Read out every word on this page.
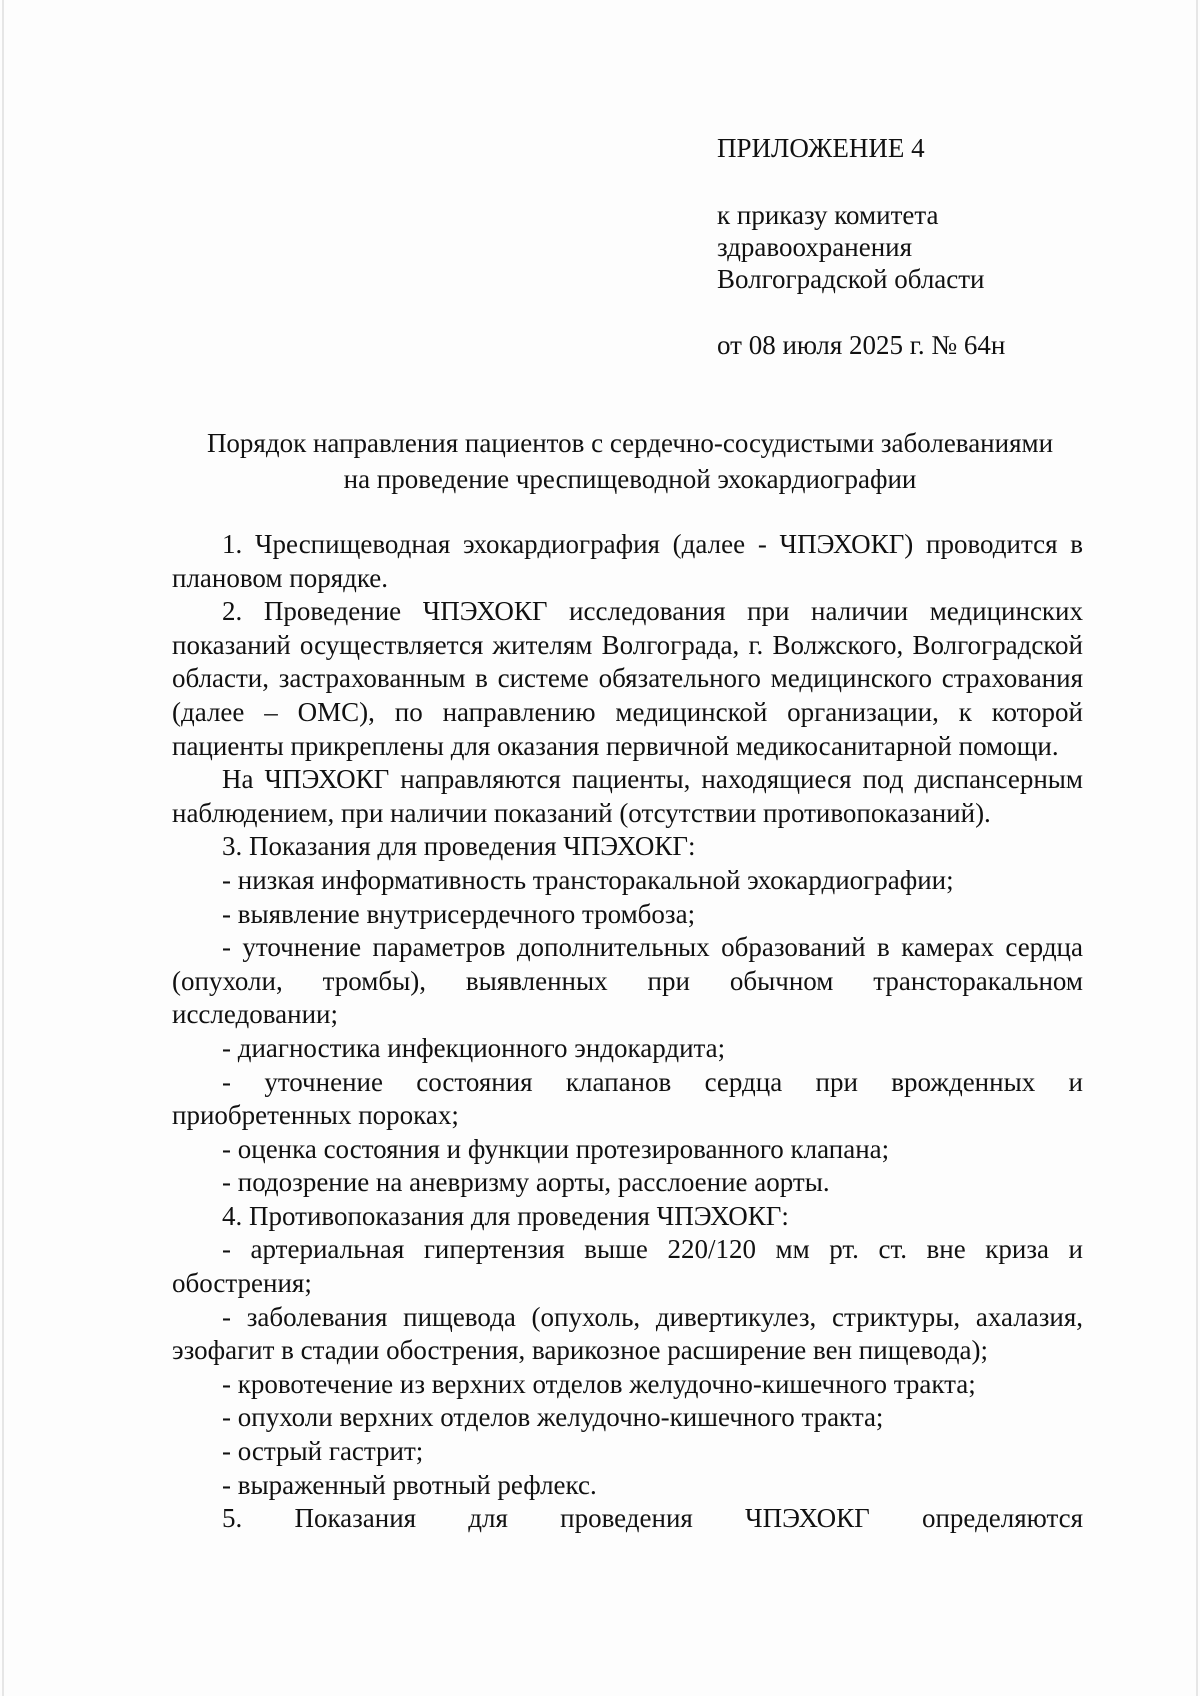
ПРИЛОЖЕНИЕ 4
к приказу комитета
здравоохранения
Волгоградской области
от 08 июля 2025 г. № 64н
Порядок направления пациентов с сердечно-сосудистыми заболеваниями
на проведение чреспищеводной эхокардиографии

1. Чреспищеводная эхокардиография (далее - ЧПЭХОКГ) проводится в плановом порядке.

2. Проведение ЧПЭХОКГ исследования при наличии медицинских показаний осуществляется жителям Волгограда, г. Волжского, Волгоградской области, застрахованным в системе обязательного медицинского страхования (далее – ОМС), по направлению медицинской организации, к которой пациенты прикреплены для оказания первичной медикосанитарной помощи.

На ЧПЭХОКГ направляются пациенты, находящиеся под диспансерным наблюдением, при наличии показаний (отсутствии противопоказаний).

3. Показания для проведения ЧПЭХОКГ:

- низкая информативность трансторакальной эхокардиографии;

- выявление внутрисердечного тромбоза;

- уточнение параметров дополнительных образований в камерах сердца (опухоли, тромбы), выявленных при обычном трансторакальном исследовании;

- диагностика инфекционного эндокардита;

- уточнение состояния клапанов сердца при врожденных и приобретенных пороках;

- оценка состояния и функции протезированного клапана;

- подозрение на аневризму аорты, расслоение аорты.

4. Противопоказания для проведения ЧПЭХОКГ:

- артериальная гипертензия выше 220/120 мм рт. ст. вне криза и обострения;

- заболевания пищевода (опухоль, дивертикулез, стриктуры, ахалазия, эзофагит в стадии обострения, варикозное расширение вен пищевода);

- кровотечение из верхних отделов желудочно-кишечного тракта;

- опухоли верхних отделов желудочно-кишечного тракта;

- острый гастрит;

- выраженный рвотный рефлекс.

5. Показания для проведения ЧПЭХОКГ определяются
